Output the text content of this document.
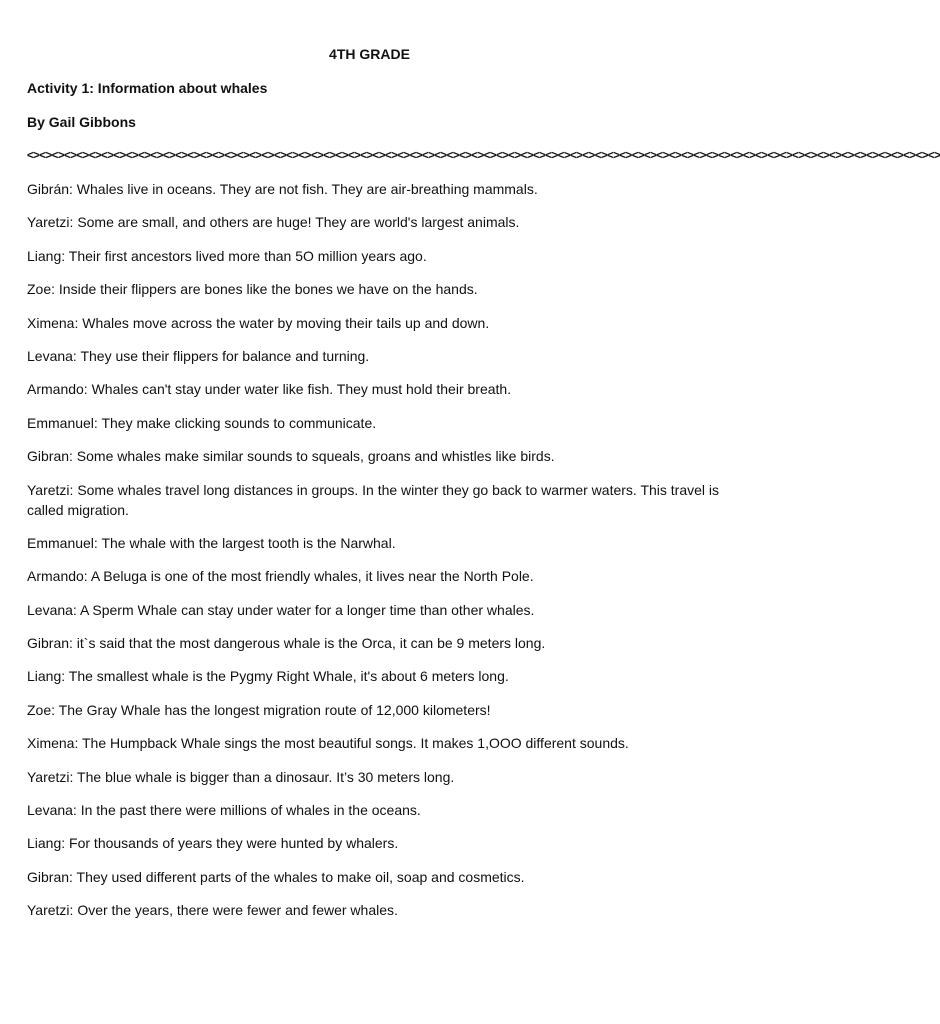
4TH GRADE
Activity 1: Information about whales
By Gail Gibbons
<><><><><><><><><><><><><><><><><><><><><><><><><><><><><><><><><><><><><><><><><><><><><><><><><><><><><><><><><><><><><><><><><><><><><><><><><><>
Gibrán: Whales live in oceans. They are not fish. They are air-breathing mammals.
Yaretzi: Some are small, and others are huge! They are world's largest animals.
Liang: Their first ancestors lived more than 5O million years ago.
Zoe: Inside their flippers are bones like the bones we have on the hands.
Ximena: Whales move across the water by moving their tails up and down.
Levana: They use their flippers for balance and turning.
Armando: Whales can't stay under water like fish. They must hold their breath.
Emmanuel: They make clicking sounds to communicate.
Gibran: Some whales make similar sounds to squeals, groans and whistles like birds.
Yaretzi: Some whales travel long distances in groups. In the winter they go back to warmer waters. This travel is called migration.
Emmanuel: The whale with the largest tooth is the Narwhal.
Armando: A Beluga is one of the most friendly whales, it lives near the North Pole.
Levana: A Sperm Whale can stay under water for a longer time than other whales.
Gibran: it`s said that the most dangerous whale is the Orca, it can be 9 meters long.
Liang: The smallest whale is the Pygmy Right Whale, it's about 6 meters long.
Zoe: The Gray Whale has the longest migration route of 12,000 kilometers!
Ximena: The Humpback Whale sings the most beautiful songs. It makes 1,OOO different sounds.
Yaretzi: The blue whale is bigger than a dinosaur. It’s 30 meters long.
Levana: In the past there were millions of whales in the oceans.
Liang: For thousands of years they were hunted by whalers.
Gibran: They used different parts of the whales to make oil, soap and cosmetics.
Yaretzi: Over the years, there were fewer and fewer whales.
